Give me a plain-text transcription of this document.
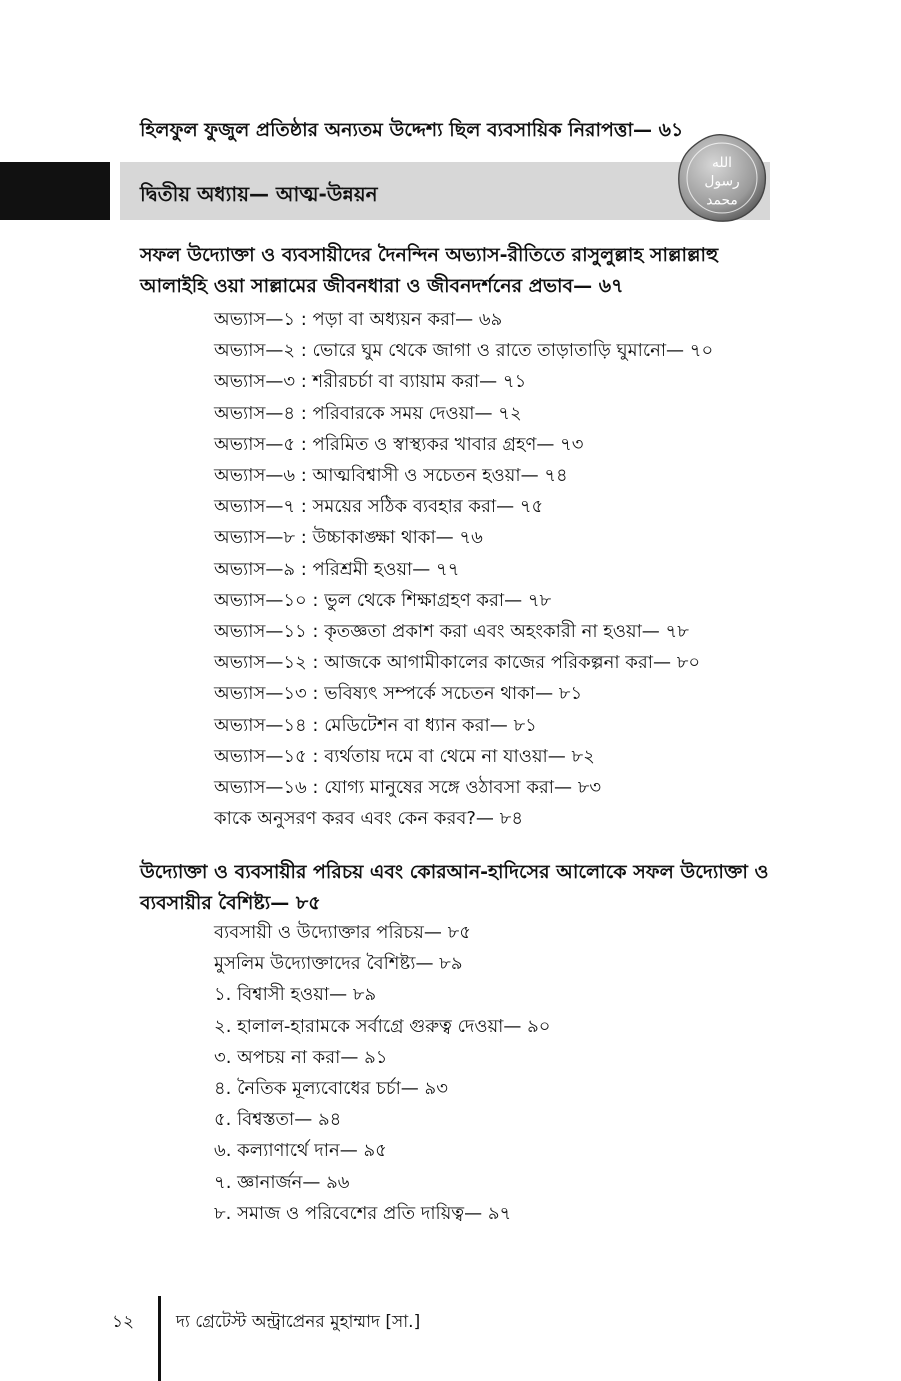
হিলফুল ফুজুল প্রতিষ্ঠার অন্যতম উদ্দেশ্য ছিল ব্যবসায়িক নিরাপত্তা— ৬১
দ্বিতীয় অধ্যায়— আত্ম-উন্নয়ন
الله
رسول
محمد
সফল উদ্যোক্তা ও ব্যবসায়ীদের দৈনন্দিন অভ্যাস-রীতিতে রাসুলুল্লাহ সাল্লাল্লাহু আলাইহি ওয়া সাল্লামের জীবনধারা ও জীবনদর্শনের প্রভাব— ৬৭
অভ্যাস—১ : পড়া বা অধ্যয়ন করা— ৬৯
অভ্যাস—২ : ভোরে ঘুম থেকে জাগা ও রাতে তাড়াতাড়ি ঘুমানো— ৭০
অভ্যাস—৩ : শরীরচর্চা বা ব্যায়াম করা— ৭১
অভ্যাস—৪ : পরিবারকে সময় দেওয়া— ৭২
অভ্যাস—৫ : পরিমিত ও স্বাস্থ্যকর খাবার গ্রহণ— ৭৩
অভ্যাস—৬ : আত্মবিশ্বাসী ও সচেতন হওয়া— ৭৪
অভ্যাস—৭ : সময়ের সঠিক ব্যবহার করা— ৭৫
অভ্যাস—৮ : উচ্চাকাঙ্ক্ষা থাকা— ৭৬
অভ্যাস—৯ : পরিশ্রমী হওয়া— ৭৭
অভ্যাস—১০ : ভুল থেকে শিক্ষাগ্রহণ করা— ৭৮
অভ্যাস—১১ : কৃতজ্ঞতা প্রকাশ করা এবং অহংকারী না হওয়া— ৭৮
অভ্যাস—১২ : আজকে আগামীকালের কাজের পরিকল্পনা করা— ৮০
অভ্যাস—১৩ : ভবিষ্যৎ সম্পর্কে সচেতন থাকা— ৮১
অভ্যাস—১৪ : মেডিটেশন বা ধ্যান করা— ৮১
অভ্যাস—১৫ : ব্যর্থতায় দমে বা থেমে না যাওয়া— ৮২
অভ্যাস—১৬ : যোগ্য মানুষের সঙ্গে ওঠাবসা করা— ৮৩
কাকে অনুসরণ করব এবং কেন করব?— ৮৪
উদ্যোক্তা ও ব্যবসায়ীর পরিচয় এবং কোরআন-হাদিসের আলোকে সফল উদ্যোক্তা ও ব্যবসায়ীর বৈশিষ্ট্য— ৮৫
ব্যবসায়ী ও উদ্যোক্তার পরিচয়— ৮৫
মুসলিম উদ্যোক্তাদের বৈশিষ্ট্য— ৮৯
১. বিশ্বাসী হওয়া— ৮৯
২. হালাল-হারামকে সর্বাগ্রে গুরুত্ব দেওয়া— ৯০
৩. অপচয় না করা— ৯১
৪. নৈতিক মূল্যবোধের চর্চা— ৯৩
৫. বিশ্বস্ততা— ৯৪
৬. কল্যাণার্থে দান— ৯৫
৭. জ্ঞানার্জন— ৯৬
৮. সমাজ ও পরিবেশের প্রতি দায়িত্ব— ৯৭
১২ দ্য গ্রেটেস্ট অন্ট্রাপ্রেনর মুহাম্মাদ [সা.]
